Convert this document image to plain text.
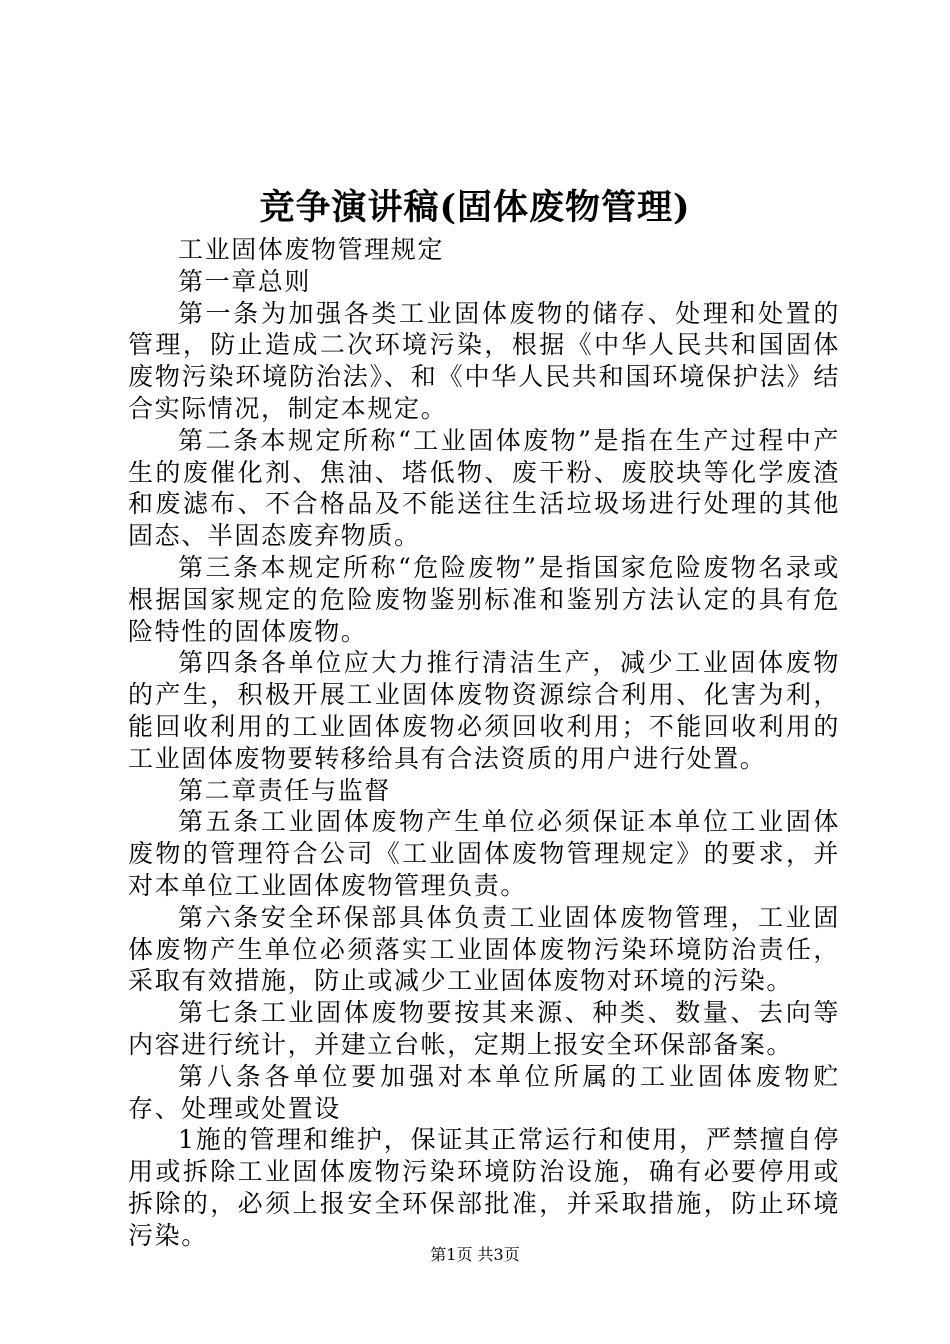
竞争演讲稿(固体废物管理)

工业固体废物管理规定

第一章总则

第一条为加强各类工业固体废物的储存、处理和处置的管理，防止造成二次环境污染，根据《中华人民共和国固体废物污染环境防治法》、和《中华人民共和国环境保护法》结合实际情况，制定本规定。

第二条本规定所称“工业固体废物”是指在生产过程中产生的废催化剂、焦油、塔低物、废干粉、废胶块等化学废渣和废滤布、不合格品及不能送往生活垃圾场进行处理的其他固态、半固态废弃物质。

第三条本规定所称“危险废物”是指国家危险废物名录或根据国家规定的危险废物鉴别标准和鉴别方法认定的具有危险特性的固体废物。

第四条各单位应大力推行清洁生产，减少工业固体废物的产生，积极开展工业固体废物资源综合利用、化害为利，能回收利用的工业固体废物必须回收利用；不能回收利用的工业固体废物要转移给具有合法资质的用户进行处置。

第二章责任与监督

第五条工业固体废物产生单位必须保证本单位工业固体废物的管理符合公司《工业固体废物管理规定》的要求，并对本单位工业固体废物管理负责。

第六条安全环保部具体负责工业固体废物管理，工业固体废物产生单位必须落实工业固体废物污染环境防治责任，采取有效措施，防止或减少工业固体废物对环境的污染。

第七条工业固体废物要按其来源、种类、数量、去向等内容进行统计，并建立台帐，定期上报安全环保部备案。

第八条各单位要加强对本单位所属的工业固体废物贮存、处理或处置设

1施的管理和维护，保证其正常运行和使用，严禁擅自停用或拆除工业固体废物污染环境防治设施，确有必要停用或拆除的，必须上报安全环保部批准，并采取措施，防止环境污染。

第1页 共3页
